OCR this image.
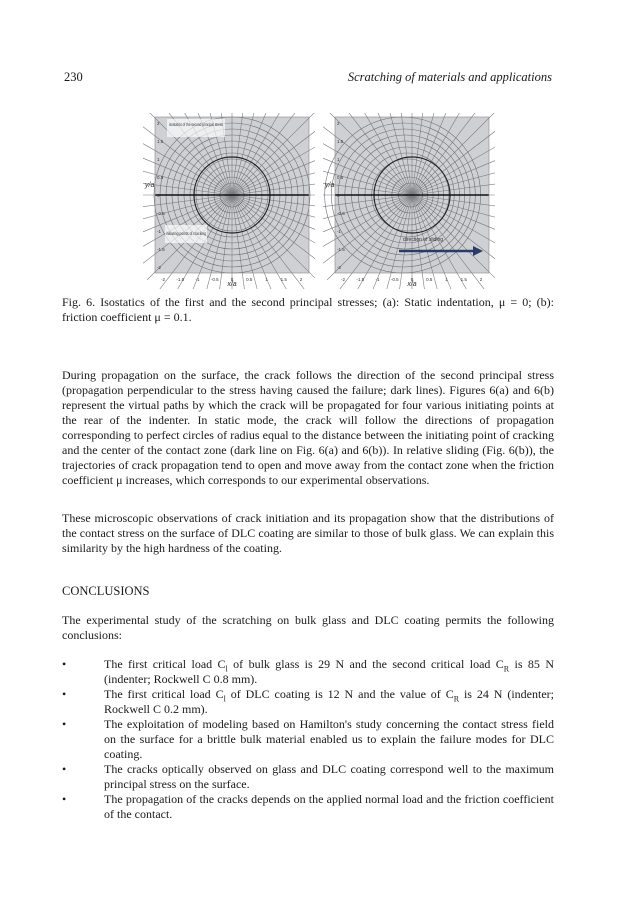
230	Scratching of materials and applications
-2	-1.5	-1	-0.5	0	0.5	1	1.5	2
2
1.5
1
0.5
0
-0.5
-1
-1.5
-2
y/a
x/a
isostatics of the second principal stress
initiating points of cracking
-2	-1.5	-1	-0.5	0	0.5	1	1.5	2
2
1.5
1
0.5
0
-0.5
-1
-1.5
-2
y/a
x/a
direction of sliding

Fig. 6. Isostatics of the first and the second principal stresses; (a): Static indentation, μ = 0; (b): friction coefficient μ = 0.1.

During propagation on the surface, the crack follows the direction of the second principal stress (propagation perpendicular to the stress having caused the failure; dark lines). Figures 6(a) and 6(b) represent the virtual paths by which the crack will be propagated for four various initiating points at the rear of the indenter. In static mode, the crack will follow the directions of propagation corresponding to perfect circles of radius equal to the distance between the initiating point of cracking and the center of the contact zone (dark line on Fig. 6(a) and 6(b)). In relative sliding (Fig. 6(b)), the trajectories of crack propagation tend to open and move away from the contact zone when the friction coefficient μ increases, which corresponds to our experimental observations.

These microscopic observations of crack initiation and its propagation show that the distributions of the contact stress on the surface of DLC coating are similar to those of bulk glass. We can explain this similarity by the high hardness of the coating.

CONCLUSIONS

The experimental study of the scratching on bulk glass and DLC coating permits the following conclusions:

•	The first critical load $C_l$ of bulk glass is 29 N and the second critical load $C_R$ is 85 N (indenter; Rockwell C 0.8 mm).
•	The first critical load $C_l$ of DLC coating is 12 N and the value of $C_R$ is 24 N (indenter; Rockwell C 0.2 mm).
•	The exploitation of modeling based on Hamilton's study concerning the contact stress field on the surface for a brittle bulk material enabled us to explain the failure modes for DLC coating.
•	The cracks optically observed on glass and DLC coating correspond well to the maximum principal stress on the surface.
•	The propagation of the cracks depends on the applied normal load and the friction coefficient of the contact.
